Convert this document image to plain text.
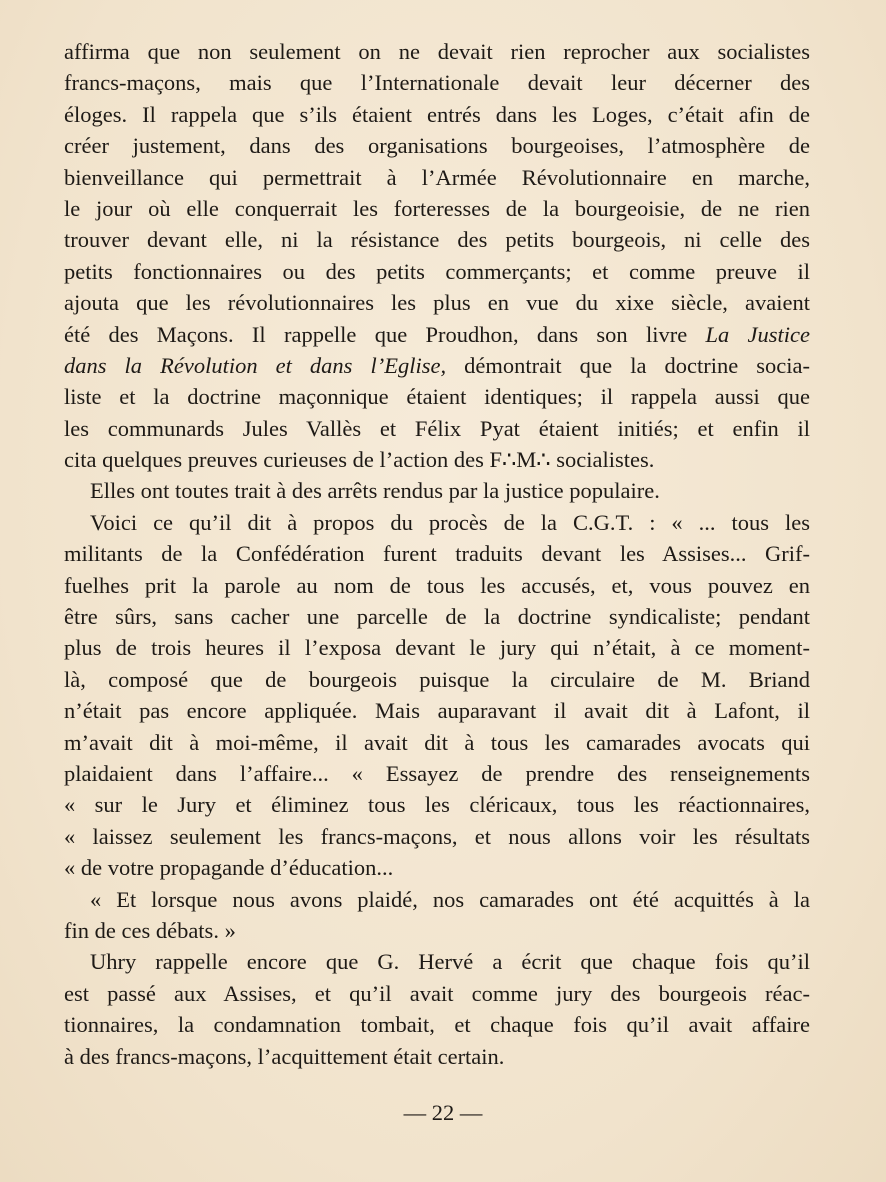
affirma que non seulement on ne devait rien reprocher aux socialistes
francs-maçons, mais que l’Internationale devait leur décerner des
éloges. Il rappela que s’ils étaient entrés dans les Loges, c’était afin de
créer justement, dans des organisations bourgeoises, l’atmosphère de
bienveillance qui permettrait à l’Armée Révolutionnaire en marche,
le jour où elle conquerrait les forteresses de la bourgeoisie, de ne rien
trouver devant elle, ni la résistance des petits bourgeois, ni celle des
petits fonctionnaires ou des petits commerçants; et comme preuve il
ajouta que les révolutionnaires les plus en vue du xixe siècle, avaient
été des Maçons. Il rappelle que Proudhon, dans son livre La Justice
dans la Révolution et dans l’Eglise, démontrait que la doctrine socia-
liste et la doctrine maçonnique étaient identiques; il rappela aussi que
les communards Jules Vallès et Félix Pyat étaient initiés; et enfin il
cita quelques preuves curieuses de l’action des F∴M∴ socialistes.
Elles ont toutes trait à des arrêts rendus par la justice populaire.
Voici ce qu’il dit à propos du procès de la C.G.T. : « ... tous les
militants de la Confédération furent traduits devant les Assises... Grif-
fuelhes prit la parole au nom de tous les accusés, et, vous pouvez en
être sûrs, sans cacher une parcelle de la doctrine syndicaliste; pendant
plus de trois heures il l’exposa devant le jury qui n’était, à ce moment-
là, composé que de bourgeois puisque la circulaire de M. Briand
n’était pas encore appliquée. Mais auparavant il avait dit à Lafont, il
m’avait dit à moi-même, il avait dit à tous les camarades avocats qui
plaidaient dans l’affaire... « Essayez de prendre des renseignements
« sur le Jury et éliminez tous les cléricaux, tous les réactionnaires,
« laissez seulement les francs-maçons, et nous allons voir les résultats
« de votre propagande d’éducation...
« Et lorsque nous avons plaidé, nos camarades ont été acquittés à la
fin de ces débats. »
Uhry rappelle encore que G. Hervé a écrit que chaque fois qu’il
est passé aux Assises, et qu’il avait comme jury des bourgeois réac-
tionnaires, la condamnation tombait, et chaque fois qu’il avait affaire
à des francs-maçons, l’acquittement était certain.
— 22 —
